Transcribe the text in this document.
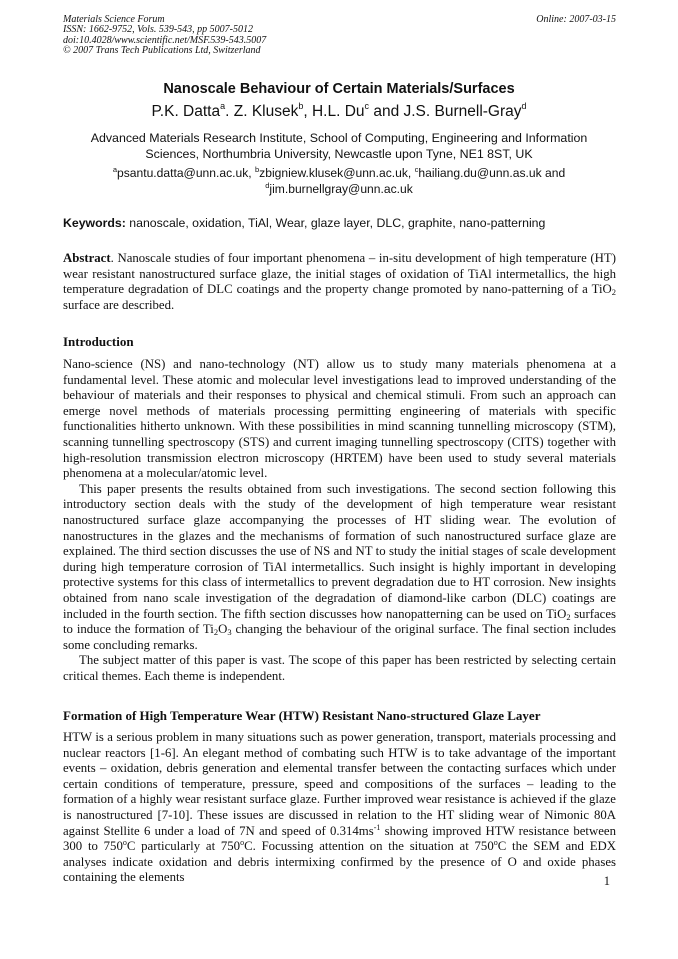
Materials Science Forum
ISSN: 1662-9752, Vols. 539-543, pp 5007-5012
doi:10.4028/www.scientific.net/MSF.539-543.5007
© 2007 Trans Tech Publications Ltd, Switzerland
Online: 2007-03-15
Nanoscale Behaviour of Certain Materials/Surfaces
P.K. Datta$^a$. Z. Klusek$^b$, H.L. Du$^c$ and J.S. Burnell-Gray$^d$
Advanced Materials Research Institute, School of Computing, Engineering and Information
Sciences, Northumbria University, Newcastle upon Tyne, NE1 8ST, UK
$^a$psantu.datta@unn.ac.uk, $^b$zbigniew.klusek@unn.ac.uk, $^c$hailiang.du@unn.as.uk and
$^d$jim.burnellgray@unn.ac.uk
Keywords: nanoscale, oxidation, TiAl, Wear, glaze layer, DLC, graphite, nano-patterning
Abstract. Nanoscale studies of four important phenomena – in-situ development of high temperature (HT) wear resistant nanostructured surface glaze, the initial stages of oxidation of TiAl intermetallics, the high temperature degradation of DLC coatings and the property change promoted by nano-patterning of a TiO$_2$ surface are described.
Introduction

Nano-science (NS) and nano-technology (NT) allow us to study many materials phenomena at a fundamental level. These atomic and molecular level investigations lead to improved understanding of the behaviour of materials and their responses to physical and chemical stimuli. From such an approach can emerge novel methods of materials processing permitting engineering of materials with specific functionalities hitherto unknown. With these possibilities in mind scanning tunnelling microscopy (STM), scanning tunnelling spectroscopy (STS) and current imaging tunnelling spectroscopy (CITS) together with high-resolution transmission electron microscopy (HRTEM) have been used to study several materials phenomena at a molecular/atomic level.

This paper presents the results obtained from such investigations. The second section following this introductory section deals with the study of the development of high temperature wear resistant nanostructured surface glaze accompanying the processes of HT sliding wear. The evolution of nanostructures in the glazes and the mechanisms of formation of such nanostructured surface glaze are explained. The third section discusses the use of NS and NT to study the initial stages of scale development during high temperature corrosion of TiAl intermetallics. Such insight is highly important in developing protective systems for this class of intermetallics to prevent degradation due to HT corrosion. New insights obtained from nano scale investigation of the degradation of diamond-like carbon (DLC) coatings are included in the fourth section. The fifth section discusses how nanopatterning can be used on TiO$_2$ surfaces to induce the formation of $Ti_2O_3$ changing the behaviour of the original surface. The final section includes some concluding remarks.

The subject matter of this paper is vast. The scope of this paper has been restricted by selecting certain critical themes. Each theme is independent.

Formation of High Temperature Wear (HTW) Resistant Nano-structured Glaze Layer
HTW is a serious problem in many situations such as power generation, transport, materials processing and nuclear reactors [1-6]. An elegant method of combating such HTW is to take advantage of the important events – oxidation, debris generation and elemental transfer between the contacting surfaces which under certain conditions of temperature, pressure, speed and compositions of the surfaces – leading to the formation of a highly wear resistant surface glaze. Further improved wear resistance is achieved if the glaze is nanostructured [7-10]. These issues are discussed in relation to the HT sliding wear of Nimonic 80A against Stellite 6 under a load of 7N and speed of $0.314ms^{-1}$ showing improved HTW resistance between 300 to 750$^o$C particularly at 750$^o$C. Focussing attention on the situation at 750$^o$C the SEM and EDX analyses indicate oxidation and debris intermixing confirmed by the presence of O and oxide phases containing the elements	1
